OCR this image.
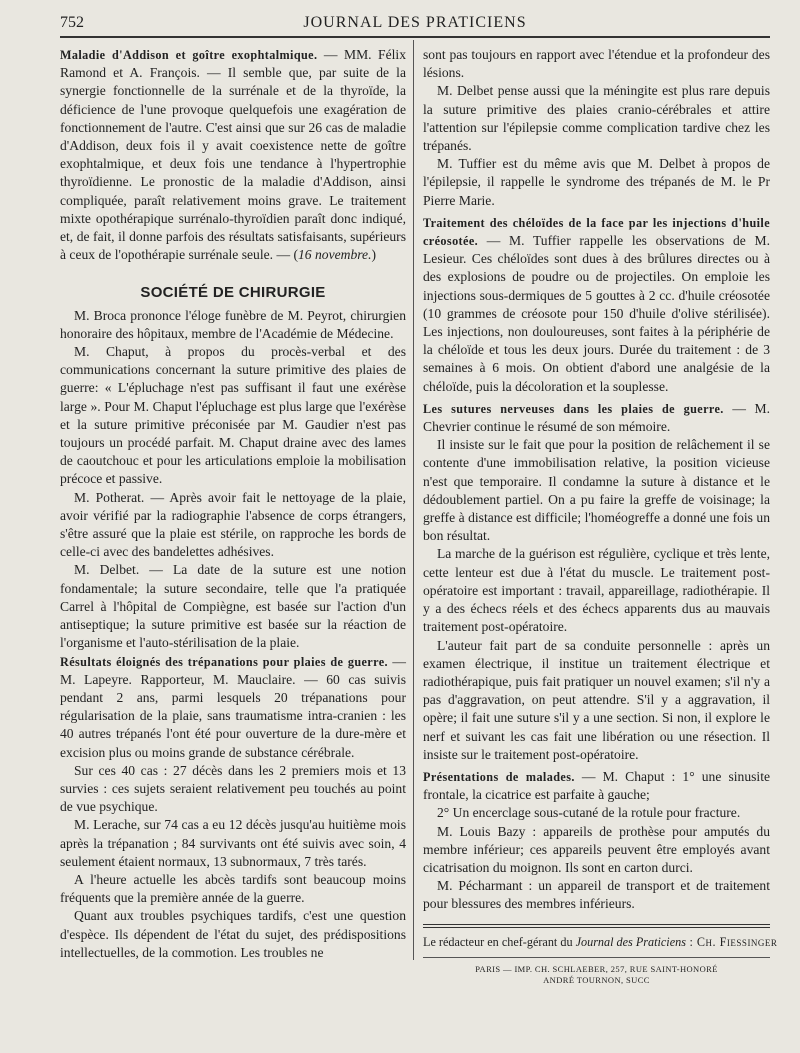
752	JOURNAL DES PRATICIENS

Maladie d'Addison et goître exophtalmique. — MM. Félix Ramond et A. François. — Il semble que, par suite de la synergie fonctionnelle de la surrénale et de la thyroïde, la déficience de l'une provoque quelquefois une exagération de fonctionnement de l'autre. C'est ainsi que sur 26 cas de maladie d'Addison, deux fois il y avait coexistence nette de goître exophtalmique, et deux fois une tendance à l'hypertrophie thyroïdienne. Le pronostic de la maladie d'Addison, ainsi compliquée, paraît relativement moins grave. Le traitement mixte opothérapique surrénalo-thyroïdien paraît donc indiqué, et, de fait, il donne parfois des résultats satisfaisants, supérieurs à ceux de l'opothérapie surrénale seule. — (16 novembre.)

SOCIÉTÉ DE CHIRURGIE

M. Broca prononce l'éloge funèbre de M. Peyrot, chirurgien honoraire des hôpitaux, membre de l'Académie de Médecine.

M. Chaput, à propos du procès-verbal et des communications concernant la suture primitive des plaies de guerre: « L'épluchage n'est pas suffisant il faut une exérèse large ». Pour M. Chaput l'épluchage est plus large que l'exérèse et la suture primitive préconisée par M. Gaudier n'est pas toujours un procédé parfait. M. Chaput draine avec des lames de caoutchouc et pour les articulations emploie la mobilisation précoce et passive.

M. Potherat. — Après avoir fait le nettoyage de la plaie, avoir vérifié par la radiographie l'absence de corps étrangers, s'être assuré que la plaie est stérile, on rapproche les bords de celle-ci avec des bandelettes adhésives.

M. Delbet. — La date de la suture est une notion fondamentale; la suture secondaire, telle que l'a pratiquée Carrel à l'hôpital de Compiègne, est basée sur l'action d'un antiseptique; la suture primitive est basée sur la réaction de l'organisme et l'auto-stérilisation de la plaie.

Résultats éloignés des trépanations pour plaies de guerre. — M. Lapeyre. Rapporteur, M. Mauclaire. — 60 cas suivis pendant 2 ans, parmi lesquels 20 trépanations pour régularisation de la plaie, sans traumatisme intra-cranien : les 40 autres trépanés l'ont été pour ouverture de la dure-mère et excision plus ou moins grande de substance cérébrale.

Sur ces 40 cas : 27 décès dans les 2 premiers mois et 13 survies : ces sujets seraient relativement peu touchés au point de vue psychique.

M. Lerache, sur 74 cas a eu 12 décès jusqu'au huitième mois après la trépanation ; 84 survivants ont été suivis avec soin, 4 seulement étaient normaux, 13 subnormaux, 7 très tarés.

A l'heure actuelle les abcès tardifs sont beaucoup moins fréquents que la première année de la guerre.

Quant aux troubles psychiques tardifs, c'est une question d'espèce. Ils dépendent de l'état du sujet, des prédispositions intellectuelles, de la commotion. Les troubles ne

sont pas toujours en rapport avec l'étendue et la profondeur des lésions.

M. Delbet pense aussi que la méningite est plus rare depuis la suture primitive des plaies cranio-cérébrales et attire l'attention sur l'épilepsie comme complication tardive chez les trépanés.

M. Tuffier est du même avis que M. Delbet à propos de l'épilepsie, il rappelle le syndrome des trépanés de M. le Pr Pierre Marie.

Traitement des chéloïdes de la face par les injections d'huile créosotée. — M. Tuffier rappelle les observations de M. Lesieur. Ces chéloïdes sont dues à des brûlures directes ou à des explosions de poudre ou de projectiles. On emploie les injections sous-dermiques de 5 gouttes à 2 cc. d'huile créosotée (10 grammes de créosote pour 150 d'huile d'olive stérilisée). Les injections, non douloureuses, sont faites à la périphérie de la chéloïde et tous les deux jours. Durée du traitement : de 3 semaines à 6 mois. On obtient d'abord une analgésie de la chéloïde, puis la décoloration et la souplesse.

Les sutures nerveuses dans les plaies de guerre. — M. Chevrier continue le résumé de son mémoire.

Il insiste sur le fait que pour la position de relâchement il se contente d'une immobilisation relative, la position vicieuse n'est que temporaire. Il condamne la suture à distance et le dédoublement partiel. On a pu faire la greffe de voisinage; la greffe à distance est difficile; l'homéogreffe a donné une fois un bon résultat.

La marche de la guérison est régulière, cyclique et très lente, cette lenteur est due à l'état du muscle. Le traitement post-opératoire est important : travail, appareillage, radiothérapie. Il y a des échecs réels et des échecs apparents dus au mauvais traitement post-opératoire.

L'auteur fait part de sa conduite personnelle : après un examen électrique, il institue un traitement électrique et radiothérapique, puis fait pratiquer un nouvel examen; s'il n'y a pas d'aggravation, on peut attendre. S'il y a aggravation, il opère; il fait une suture s'il y a une section. Si non, il explore le nerf et suivant les cas fait une libération ou une résection. Il insiste sur le traitement post-opératoire.

Présentations de malades. — M. Chaput : 1° une sinusite frontale, la cicatrice est parfaite à gauche;

2° Un encerclage sous-cutané de la rotule pour fracture.

M. Louis Bazy : appareils de prothèse pour amputés du membre inférieur; ces appareils peuvent être employés avant cicatrisation du moignon. Ils sont en carton durci.

M. Pécharmant : un appareil de transport et de traitement pour blessures des membres inférieurs.

Le rédacteur en chef-gérant du Journal des Praticiens : Ch. Fiessinger

PARIS — IMP. CH. SCHLAEBER, 257, RUE SAINT-HONORÉ
ANDRÉ TOURNON, SUCC
